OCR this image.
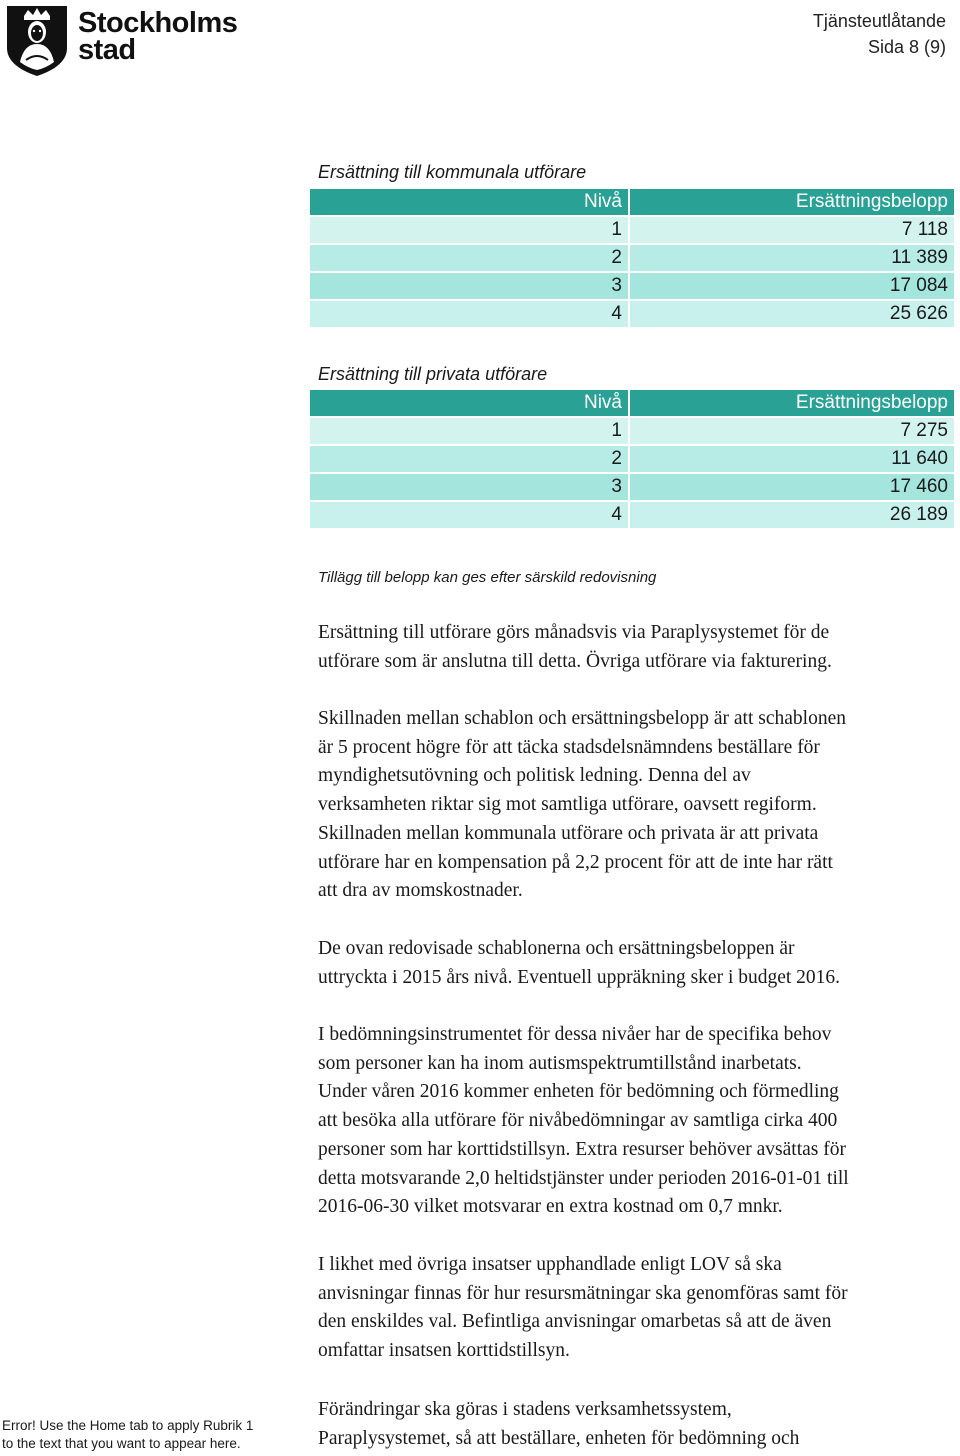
Stockholms
stad
Tjänsteutlåtande
Sida 8 (9)
Ersättning till kommunala utförare
Nivå	Ersättningsbelopp
1	7 118
2	11 389
3	17 084
4	25 626
Ersättning till privata utförare
Nivå	Ersättningsbelopp
1	7 275
2	11 640
3	17 460
4	26 189
Tillägg till belopp kan ges efter särskild redovisning
Ersättning till utförare görs månadsvis via Paraplysystemet för de
utförare som är anslutna till detta. Övriga utförare via fakturering.
Skillnaden mellan schablon och ersättningsbelopp är att schablonen
är 5 procent högre för att täcka stadsdelsnämndens beställare för
myndighetsutövning och politisk ledning. Denna del av
verksamheten riktar sig mot samtliga utförare, oavsett regiform.
Skillnaden mellan kommunala utförare och privata är att privata
utförare har en kompensation på 2,2 procent för att de inte har rätt
att dra av momskostnader.
De ovan redovisade schablonerna och ersättningsbeloppen är
uttryckta i 2015 års nivå. Eventuell uppräkning sker i budget 2016.
I bedömningsinstrumentet för dessa nivåer har de specifika behov
som personer kan ha inom autismspektrumtillstånd inarbetats.
Under våren 2016 kommer enheten för bedömning och förmedling
att besöka alla utförare för nivåbedömningar av samtliga cirka 400
personer som har korttidstillsyn. Extra resurser behöver avsättas för
detta motsvarande 2,0 heltidstjänster under perioden 2016-01-01 till
2016-06-30 vilket motsvarar en extra kostnad om 0,7 mnkr.
I likhet med övriga insatser upphandlade enligt LOV så ska
anvisningar finnas för hur resursmätningar ska genomföras samt för
den enskildes val. Befintliga anvisningar omarbetas så att de även
omfattar insatsen korttidstillsyn.
Förändringar ska göras i stadens verksamhetssystem,
Paraplysystemet, så att beställare, enheten för bedömning och
Error! Use the Home tab to apply Rubrik 1
to the text that you want to appear here.
